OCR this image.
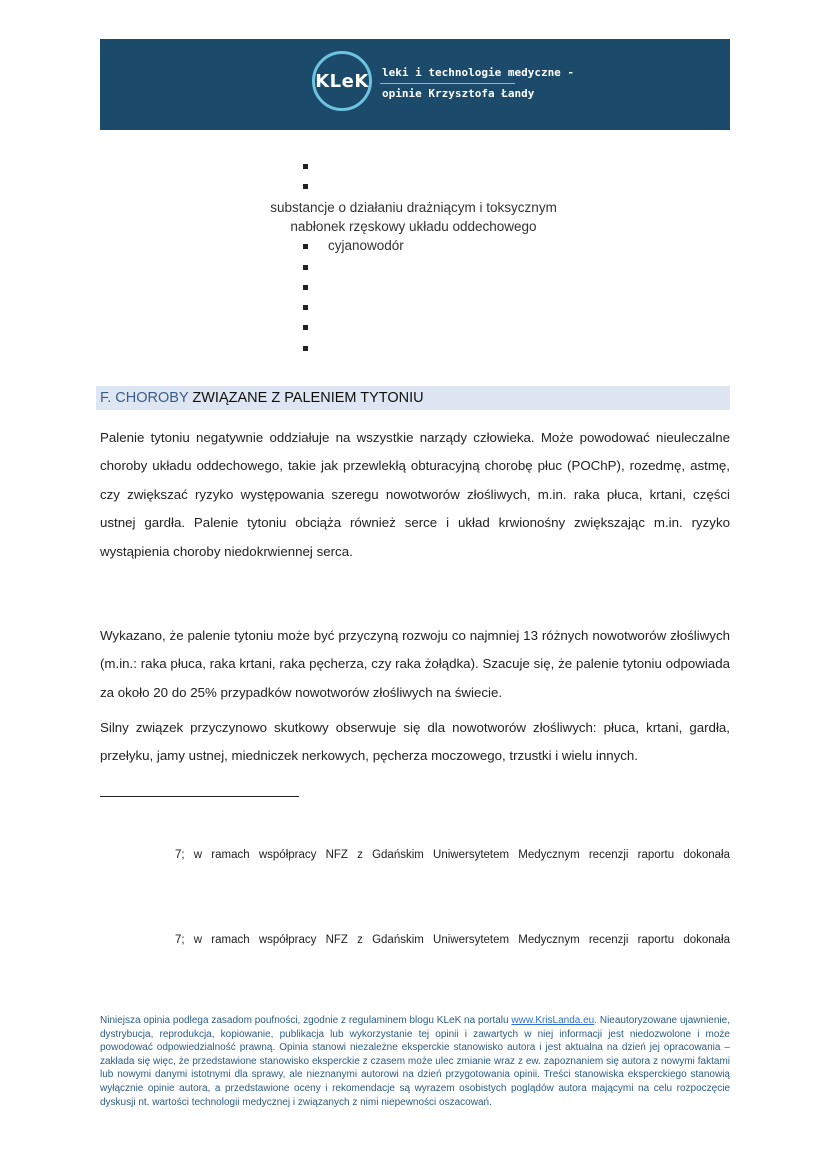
KLeK leki i technologie medyczne -
opinie Krzysztofa Łandy
substancje o działaniu drażniącym i toksycznym
nabłonek rzęskowy układu oddechowego
cyjanowodór
F. CHOROBY ZWIĄZANE Z PALENIEM TYTONIU

Palenie tytoniu negatywnie oddziałuje na wszystkie narządy człowieka. Może powodować nieuleczalne choroby układu oddechowego, takie jak przewlekłą obturacyjną chorobę płuc (POChP), rozedmę, astmę, czy zwiększać ryzyko występowania szeregu nowotworów złośliwych, m.in. raka płuca, krtani, części ustnej gardła. Palenie tytoniu obciąża również serce i układ krwionośny zwiększając m.in. ryzyko wystąpienia choroby niedokrwiennej serca.

Wykazano, że palenie tytoniu może być przyczyną rozwoju co najmniej 13 różnych nowotworów złośliwych (m.in.: raka płuca, raka krtani, raka pęcherza, czy raka żołądka). Szacuje się, że palenie tytoniu odpowiada za około 20 do 25% przypadków nowotworów złośliwych na świecie.

Silny związek przyczynowo skutkowy obserwuje się dla nowotworów złośliwych: płuca, krtani, gardła, przełyku, jamy ustnej, miedniczek nerkowych, pęcherza moczowego, trzustki i wielu innych.

7; w ramach współpracy NFZ z Gdańskim Uniwersytetem Medycznym recenzji raportu dokonała

7; w ramach współpracy NFZ z Gdańskim Uniwersytetem Medycznym recenzji raportu dokonała

Niniejsza opinia podlega zasadom poufności, zgodnie z regulaminem blogu KLeK na portalu www.KrisLanda.eu. Nieautoryzowane ujawnienie, dystrybucja, reprodukcja, kopiowanie, publikacja lub wykorzystanie tej opinii i zawartych w niej informacji jest niedozwolone i może powodować odpowiedzialność prawną. Opinia stanowi niezależne eksperckie stanowisko autora i jest aktualna na dzień jej opracowania – zakłada się więc, że przedstawione stanowisko eksperckie z czasem może ulec zmianie wraz z ew. zapoznaniem się autora z nowymi faktami lub nowymi danymi istotnymi dla sprawy, ale nieznanymi autorowi na dzień przygotowania opinii. Treści stanowiska eksperckiego stanowią wyłącznie opinie autora, a przedstawione oceny i rekomendacje są wyrazem osobistych poglądów autora mającymi na celu rozpoczęcie dyskusji nt. wartości technologii medycznej i związanych z nimi niepewności oszacowań.
